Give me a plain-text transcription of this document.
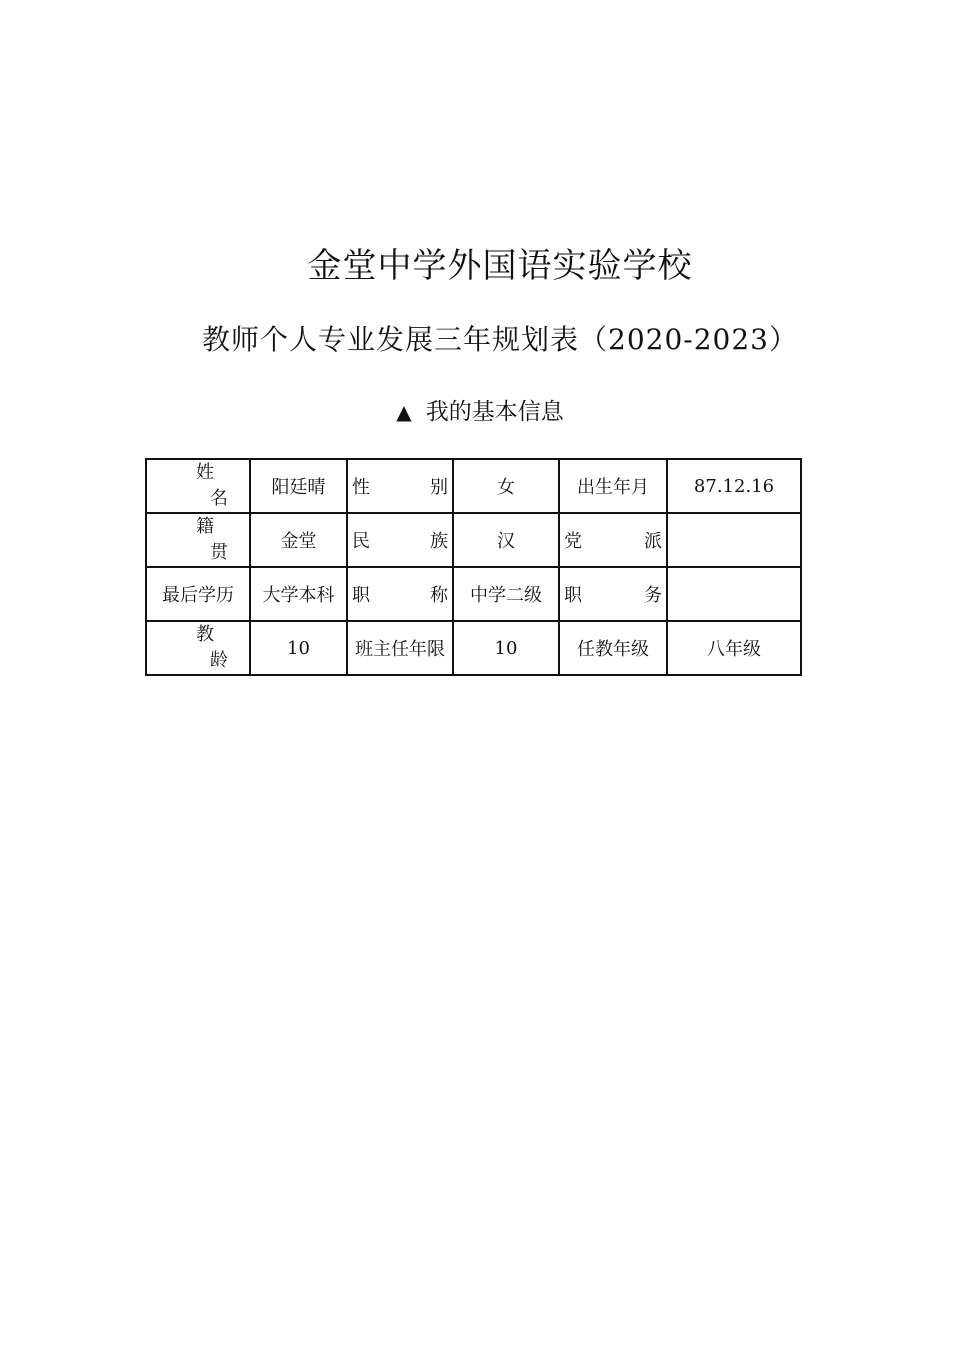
金堂中学外国语实验学校
教师个人专业发展三年规划表（2020-2023）
▲ 我的基本信息
姓
名	阳廷晴	性　　别	女	出生年月	87.12.16

籍
贯	金堂	民　　族	汉	党　　派	

最后学历	大学本科	职　　称	中学二级	职　　务	

教
龄	10	班主任年限	10	任教年级	八年级
